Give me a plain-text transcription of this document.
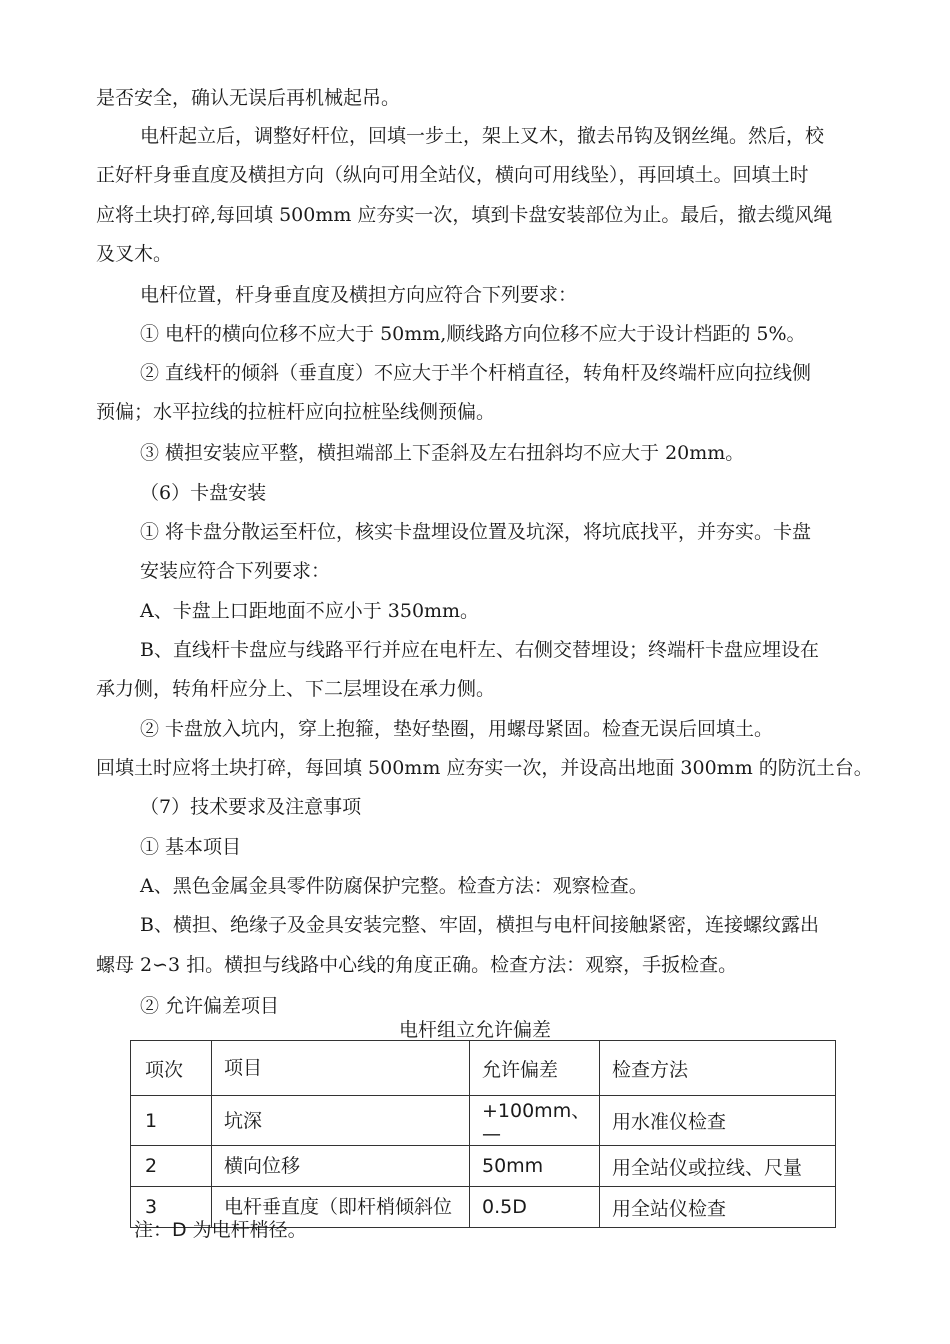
是否安全，确认无误后再机械起吊。
电杆起立后，调整好杆位，回填一步土，架上叉木，撤去吊钩及钢丝绳。然后，校
正好杆身垂直度及横担方向（纵向可用全站仪，横向可用线坠），再回填土。回填土时
应将土块打碎,每回填 500mm 应夯实一次，填到卡盘安装部位为止。最后，撤去缆风绳
及叉木。
电杆位置，杆身垂直度及横担方向应符合下列要求：
① 电杆的横向位移不应大于 50mm,顺线路方向位移不应大于设计档距的 5%。
② 直线杆的倾斜（垂直度）不应大于半个杆梢直径，转角杆及终端杆应向拉线侧
预偏；水平拉线的拉桩杆应向拉桩坠线侧预偏。
③ 横担安装应平整，横担端部上下歪斜及左右扭斜均不应大于 20mm。
（6）卡盘安装
① 将卡盘分散运至杆位，核实卡盘埋设位置及坑深，将坑底找平，并夯实。卡盘
安装应符合下列要求：
A、卡盘上口距地面不应小于 350mm。
B、直线杆卡盘应与线路平行并应在电杆左、右侧交替埋设；终端杆卡盘应埋设在
承力侧，转角杆应分上、下二层埋设在承力侧。
② 卡盘放入坑内，穿上抱箍，垫好垫圈，用螺母紧固。检查无误后回填土。
回填土时应将土块打碎，每回填 500mm 应夯实一次，并设高出地面 300mm 的防沉土台。
（7）技术要求及注意事项
① 基本项目
A、黑色金属金具零件防腐保护完整。检查方法：观察检查。
B、横担、绝缘子及金具安装完整、牢固，横担与电杆间接触紧密，连接螺纹露出
螺母 2∽3 扣。横担与线路中心线的角度正确。检查方法：观察，手扳检查。
② 允许偏差项目
电杆组立允许偏差
项次	项目	允许偏差	检查方法
1	坑深	+100mm、—	用水准仪检查
2	横向位移	50mm	用全站仪或拉线、尺量
3	电杆垂直度（即杆梢倾斜位	0.5D	用全站仪检查
注：D 为电杆梢径。
